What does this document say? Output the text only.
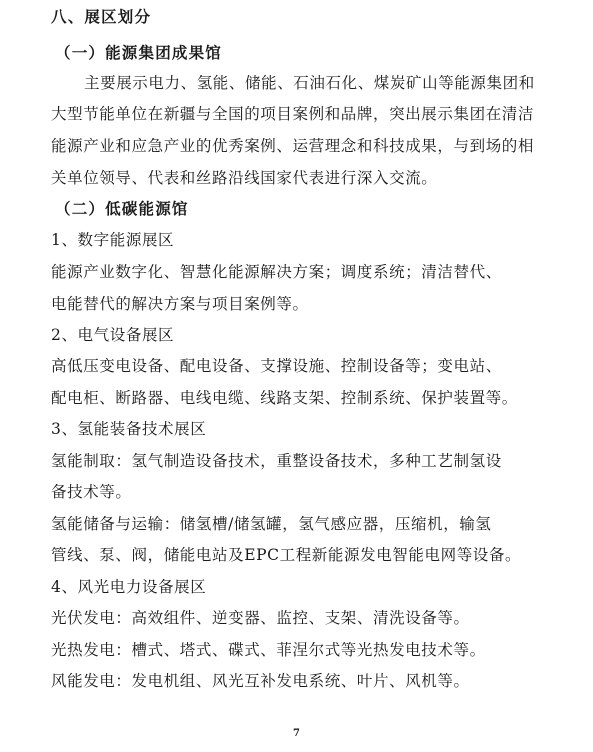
八、展区划分
（一）能源集团成果馆
主要展示电力、氢能、储能、石油石化、煤炭矿山等能源集团和
大型节能单位在新疆与全国的项目案例和品牌，突出展示集团在清洁
能源产业和应急产业的优秀案例、运营理念和科技成果，与到场的相
关单位领导、代表和丝路沿线国家代表进行深入交流。
（二）低碳能源馆
1、数字能源展区
能源产业数字化、智慧化能源解决方案；调度系统；清洁替代、
电能替代的解决方案与项目案例等。
2、电气设备展区
高低压变电设备、配电设备、支撑设施、控制设备等；变电站、
配电柜、断路器、电线电缆、线路支架、控制系统、保护装置等。
3、氢能装备技术展区
氢能制取：氢气制造设备技术，重整设备技术，多种工艺制氢设
备技术等。
氢能储备与运输：储氢槽/储氢罐，氢气感应器，压缩机，输氢
管线、泵、阀，储能电站及EPC工程新能源发电智能电网等设备。
4、风光电力设备展区
光伏发电：高效组件、逆变器、监控、支架、清洗设备等。
光热发电：槽式、塔式、碟式、菲涅尔式等光热发电技术等。
风能发电：发电机组、风光互补发电系统、叶片、风机等。
7
